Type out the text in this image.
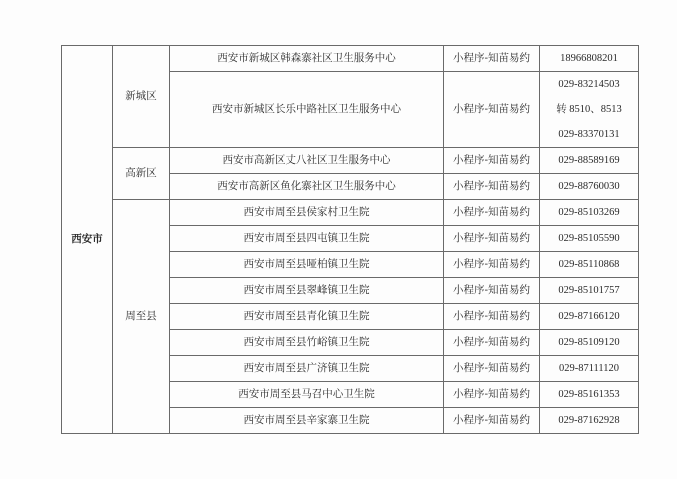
西安市	新城区	西安市新城区韩森寨社区卫生服务中心	小程序-知苗易约	18966808201

		西安市新城区长乐中路社区卫生服务中心	小程序-知苗易约	029-83214503
转 8510、8513
029-83370131

	高新区	西安市高新区丈八社区卫生服务中心	小程序-知苗易约	029-88589169

		西安市高新区鱼化寨社区卫生服务中心	小程序-知苗易约	029-88760030

	周至县	西安市周至县侯家村卫生院	小程序-知苗易约	029-85103269

		西安市周至县四屯镇卫生院	小程序-知苗易约	029-85105590

		西安市周至县哑柏镇卫生院	小程序-知苗易约	029-85110868

		西安市周至县翠峰镇卫生院	小程序-知苗易约	029-85101757

		西安市周至县青化镇卫生院	小程序-知苗易约	029-87166120

		西安市周至县竹峪镇卫生院	小程序-知苗易约	029-85109120

		西安市周至县广济镇卫生院	小程序-知苗易约	029-87111120

		西安市周至县马召中心卫生院	小程序-知苗易约	029-85161353

		西安市周至县辛家寨卫生院	小程序-知苗易约	029-87162928
